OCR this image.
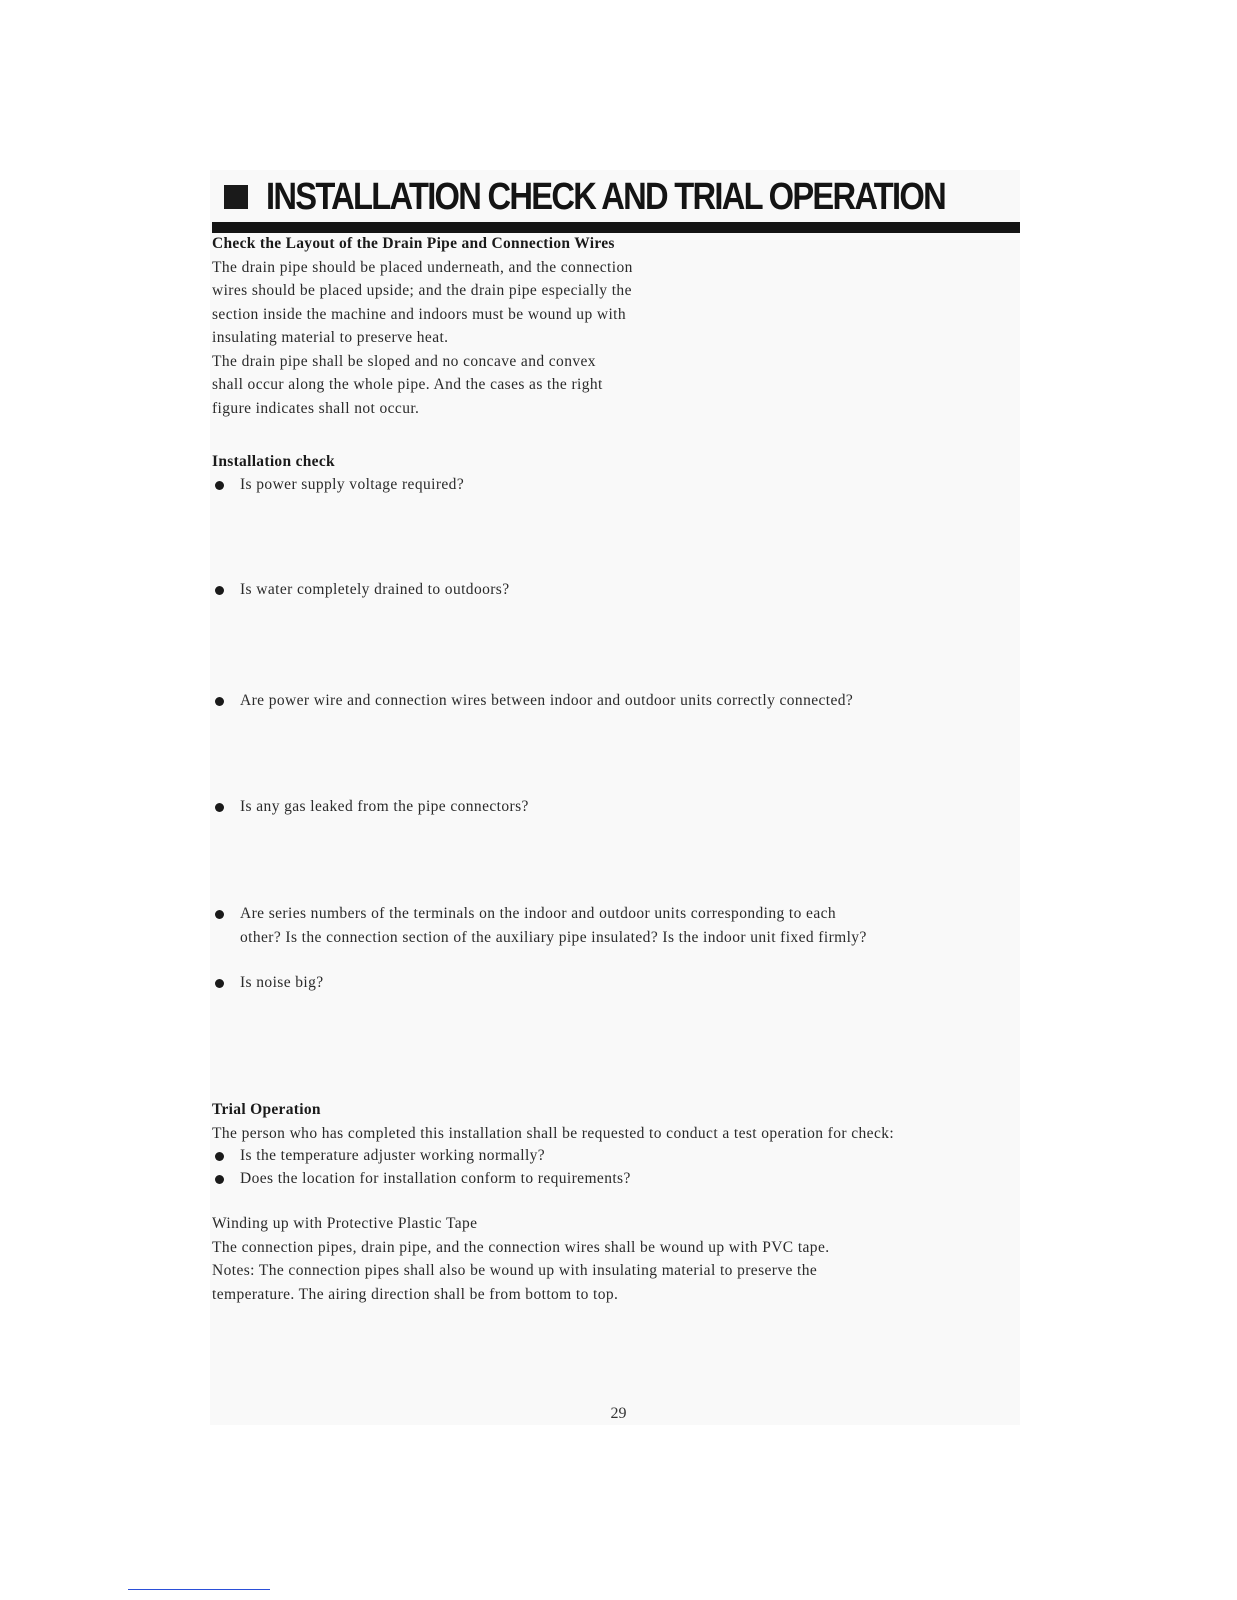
INSTALLATION CHECK AND TRIAL OPERATION
Check the Layout of the Drain Pipe and Connection Wires
The drain pipe should be placed underneath, and the connection
wires should be placed upside; and the drain pipe especially the
section inside the machine and indoors must be wound up with
insulating material to preserve heat.
The drain pipe shall be sloped and no concave and convex
shall occur along the whole pipe. And the cases as the right
figure indicates shall not occur.
Installation check
Is power supply voltage required?
Is water completely drained to outdoors?
Are power wire and connection wires between indoor and outdoor units correctly connected?
Is any gas leaked from the pipe connectors?
Are series numbers of the terminals on the indoor and outdoor units corresponding to each
other? Is the connection section of the auxiliary pipe insulated? Is the indoor unit fixed firmly?
Is noise big?
Trial Operation
The person who has completed this installation shall be requested to conduct a test operation for check:
Is the temperature adjuster working normally?
Does the location for installation conform to requirements?
Winding up with Protective Plastic Tape
The connection pipes, drain pipe, and the connection wires shall be wound up with PVC tape.
Notes: The connection pipes shall also be wound up with insulating material to preserve the
temperature. The airing direction shall be from bottom to top.
29
